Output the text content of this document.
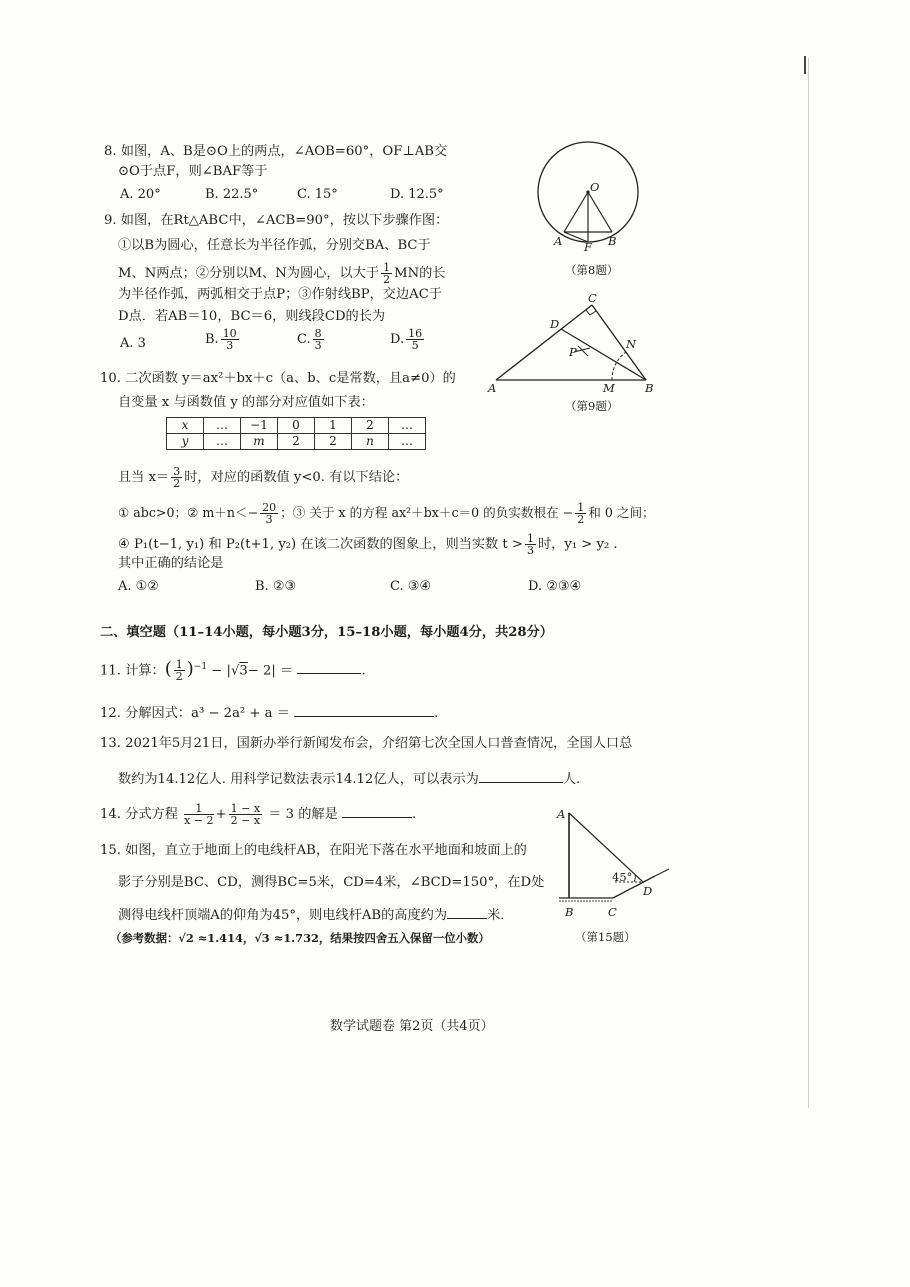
8. 如图，A、B是⊙O上的两点，∠AOB=60°，OF⊥AB交
⊙O于点F，则∠BAF等于
A. 20°	B. 22.5°	C. 15°	D. 12.5°	O
A F B
（第8题）
9. 如图，在Rt△ABC中，∠ACB=90°，按以下步骤作图：
①以B为圆心，任意长为半径作弧，分别交BA、BC于
M、N两点；②分别以M、N为圆心，以大于 $\frac{1}{2}$ MN的长
为半径作弧，两弧相交于点P；③作射线BP，交边AC于
D点．若AB＝10，BC＝6，则线段CD的长为
A. 3	B. $\frac{10}{3}$	C. $\frac{8}{3}$	D. $\frac{16}{5}$
C
D
N
P
A	M	B
（第9题）
10. 二次函数 y＝ax²＋bx＋c（a、b、c是常数，且a≠0）的
自变量 x 与函数值 y 的部分对应值如下表：
x	…	−1	0	1	2	…
y	…	m	2	2	n	…
且当 $x= \frac{3}{2}$ 时，对应的函数值 y<0. 有以下结论：
① abc>0；② $m+n<- \frac{20}{3}$ ；③ 关于 x 的方程 ax²＋bx＋c＝0 的负实数根在 − $\frac{1}{2}$ 和 0 之间；
④ P₁(t−1, y₁) 和 P₂(t+1, y₂) 在该二次函数的图象上，则当实数 $t > \frac{1}{3}$ 时，y₁ > y₂ .
其中正确的结论是
A. ①②	B. ②③	C. ③④	D. ②③④
二、填空题（11–14小题，每小题3分，15–18小题，每小题4分，共28分）
11. 计算：( $\frac{1}{2} )^{-1} - |√3- 2|$ ＝	.
12. 分解因式：a³ − 2a² + a ＝	.
13. 2021年5月21日，国新办举行新闻发布会，介绍第七次全国人口普查情况，全国人口总
数约为14.12亿人. 用科学记数法表示14.12亿人，可以表示为	人.
14. 分式方程 $\frac{1}{x - 2} + \frac{1 - x}{2 - x} = 3$ 的解是	.
15. 如图，直立于地面上的电线杆AB，在阳光下落在水平地面和坡面上的
影子分别是BC、CD，测得BC=5米，CD=4米，∠BCD=150°，在D处
测得电线杆顶端A的仰角为45°，则电线杆AB的高度约为	米．
（参考数据：√2 ≈1.414，√3 ≈1.732，结果按四舍五入保留一位小数）
A
45°
D
B	C
（第15题）
数学试题卷 第2页（共4页）
